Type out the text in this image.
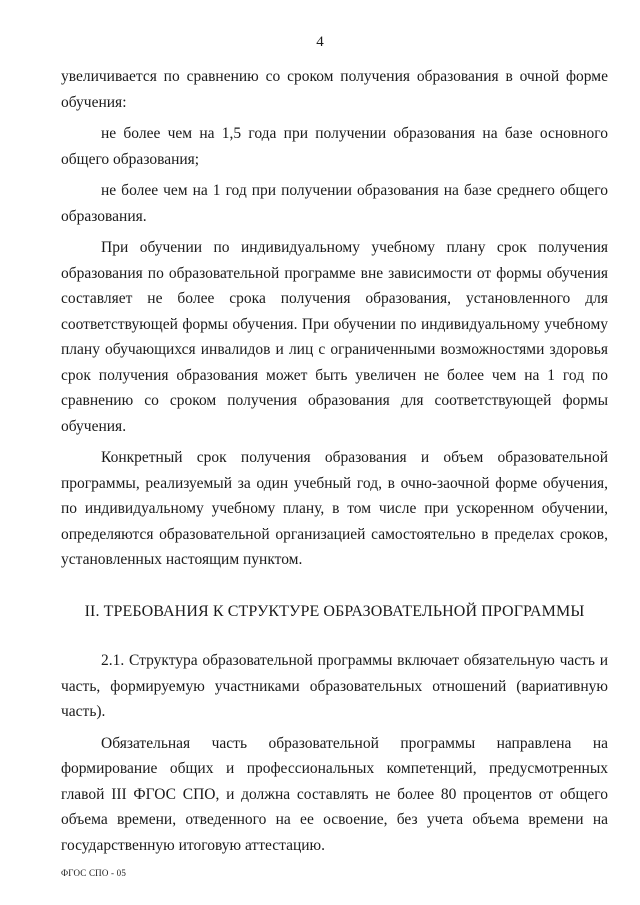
4

увеличивается по сравнению со сроком получения образования в очной форме обучения:

не более чем на 1,5 года при получении образования на базе основного общего образования;

не более чем на 1 год при получении образования на базе среднего общего образования.

При обучении по индивидуальному учебному плану срок получения образования по образовательной программе вне зависимости от формы обучения составляет не более срока получения образования, установленного для соответствующей формы обучения. При обучении по индивидуальному учебному плану обучающихся инвалидов и лиц с ограниченными возможностями здоровья срок получения образования может быть увеличен не более чем на 1 год по сравнению со сроком получения образования для соответствующей формы обучения.

Конкретный срок получения образования и объем образовательной программы, реализуемый за один учебный год, в очно-заочной форме обучения, по индивидуальному учебному плану, в том числе при ускоренном обучении, определяются образовательной организацией самостоятельно в пределах сроков, установленных настоящим пунктом.

II. ТРЕБОВАНИЯ К СТРУКТУРЕ ОБРАЗОВАТЕЛЬНОЙ ПРОГРАММЫ

2.1. Структура образовательной программы включает обязательную часть и часть, формируемую участниками образовательных отношений (вариативную часть).

Обязательная часть образовательной программы направлена на формирование общих и профессиональных компетенций, предусмотренных главой III ФГОС СПО, и должна составлять не более 80 процентов от общего объема времени, отведенного на ее освоение, без учета объема времени на государственную итоговую аттестацию.

ФГОС СПО - 05
